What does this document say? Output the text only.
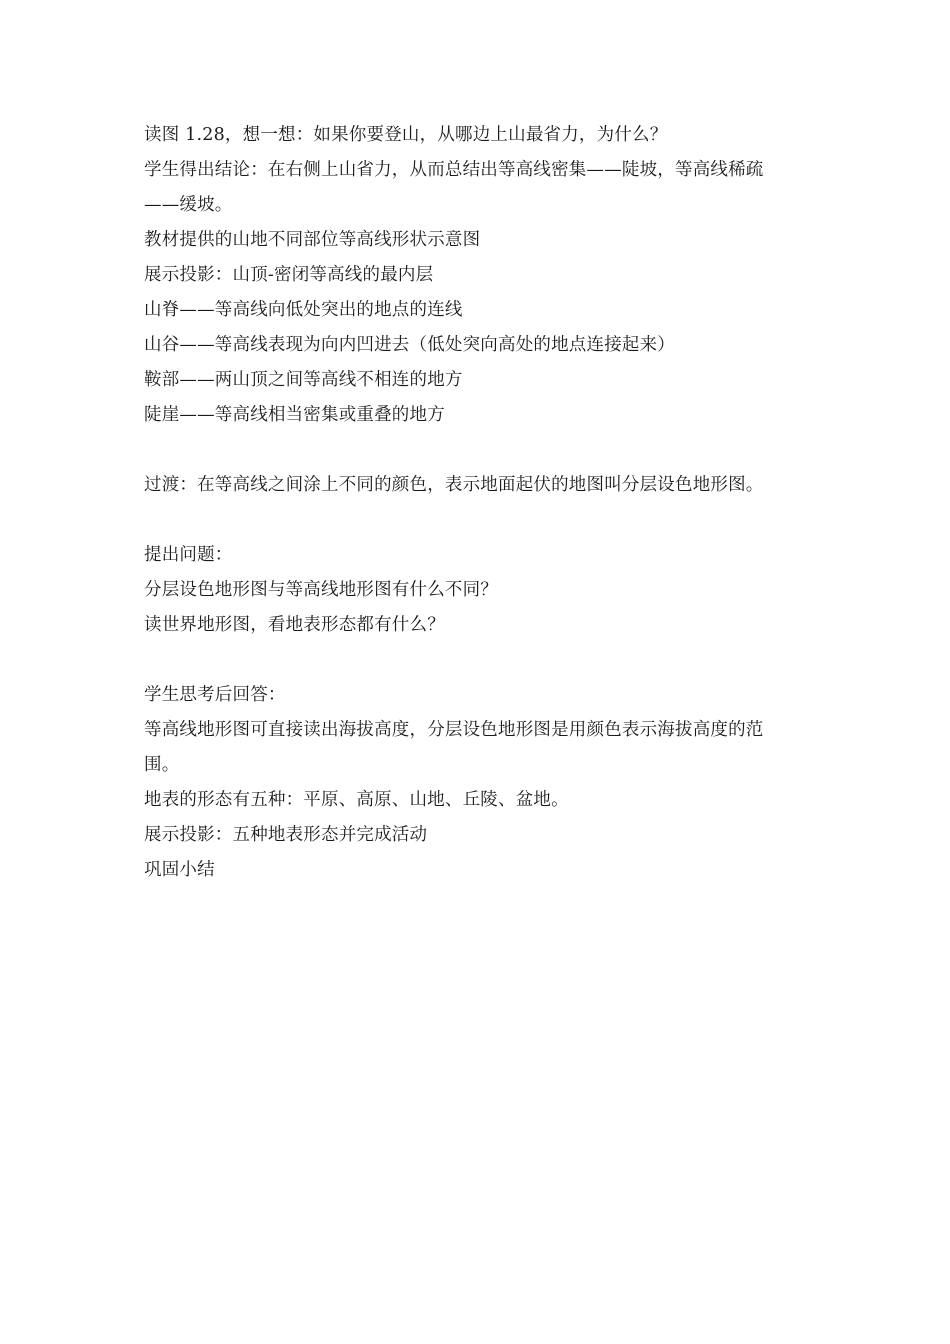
读图 1.28，想一想：如果你要登山，从哪边上山最省力，为什么？
学生得出结论：在右侧上山省力，从而总结出等高线密集——陡坡，等高线稀疏
——缓坡。
教材提供的山地不同部位等高线形状示意图
展示投影：山顶-密闭等高线的最内层
山脊——等高线向低处突出的地点的连线
山谷——等高线表现为向内凹进去（低处突向高处的地点连接起来）
鞍部——两山顶之间等高线不相连的地方
陡崖——等高线相当密集或重叠的地方
过渡：在等高线之间涂上不同的颜色，表示地面起伏的地图叫分层设色地形图。
提出问题：
分层设色地形图与等高线地形图有什么不同？
读世界地形图，看地表形态都有什么？
学生思考后回答：
等高线地形图可直接读出海拔高度，分层设色地形图是用颜色表示海拔高度的范
围。
地表的形态有五种：平原、高原、山地、丘陵、盆地。
展示投影：五种地表形态并完成活动
巩固小结
